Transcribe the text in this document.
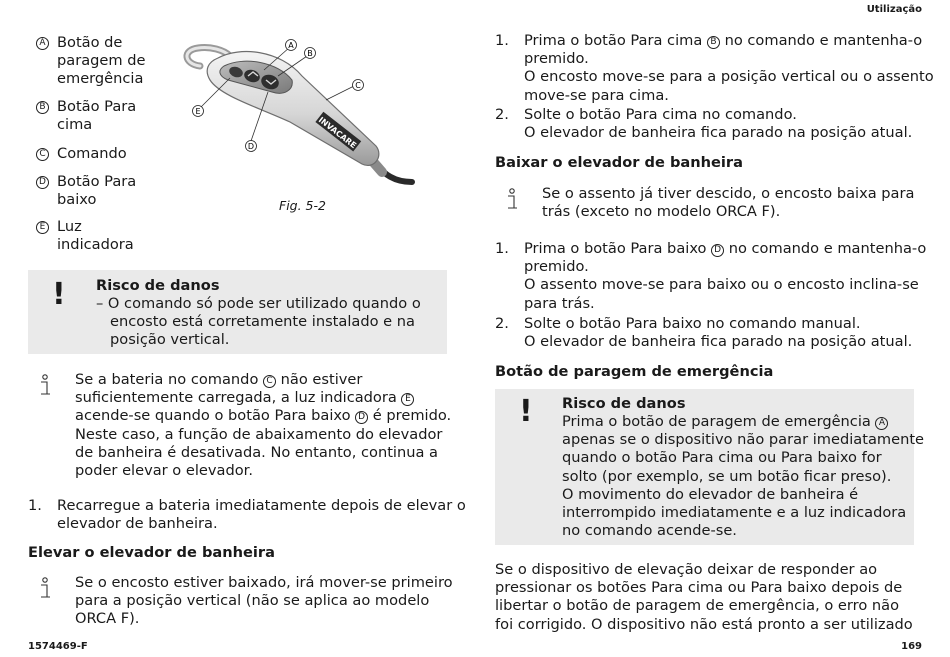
Utilização
A Botão de
paragem de
emergência
B Botão Para
cima
C Comando
D Botão Para
baixo
E Luz
indicadora
INVACARE
A
B
C
D
E
Fig. 5-2
! Risco de danos
– O comando só pode ser utilizado quando o
encosto está corretamente instalado e na
posição vertical.
Se a bateria no comando C não estiver
suficientemente carregada, a luz indicadora E
acende-se quando o botão Para baixo D é premido.
Neste caso, a função de abaixamento do elevador
de banheira é desativada. No entanto, continua a
poder elevar o elevador.
1. Recarregue a bateria imediatamente depois de elevar o
elevador de banheira.
Elevar o elevador de banheira
Se o encosto estiver baixado, irá mover-se primeiro
para a posição vertical (não se aplica ao modelo
ORCA F).
1574469-F
1. Prima o botão Para cima B no comando e mantenha-o
premido.
O encosto move-se para a posição vertical ou o assento
move-se para cima.
2. Solte o botão Para cima no comando.
O elevador de banheira fica parado na posição atual.
Baixar o elevador de banheira
Se o assento já tiver descido, o encosto baixa para
trás (exceto no modelo ORCA F).
1. Prima o botão Para baixo D no comando e mantenha-o
premido.
O assento move-se para baixo ou o encosto inclina-se
para trás.
2. Solte o botão Para baixo no comando manual.
O elevador de banheira fica parado na posição atual.
Botão de paragem de emergência
! Risco de danos
Prima o botão de paragem de emergência A
apenas se o dispositivo não parar imediatamente
quando o botão Para cima ou Para baixo for
solto (por exemplo, se um botão ficar preso).
O movimento do elevador de banheira é
interrompido imediatamente e a luz indicadora
no comando acende-se.
Se o dispositivo de elevação deixar de responder ao
pressionar os botões Para cima ou Para baixo depois de
libertar o botão de paragem de emergência, o erro não
foi corrigido. O dispositivo não está pronto a ser utilizado
169
